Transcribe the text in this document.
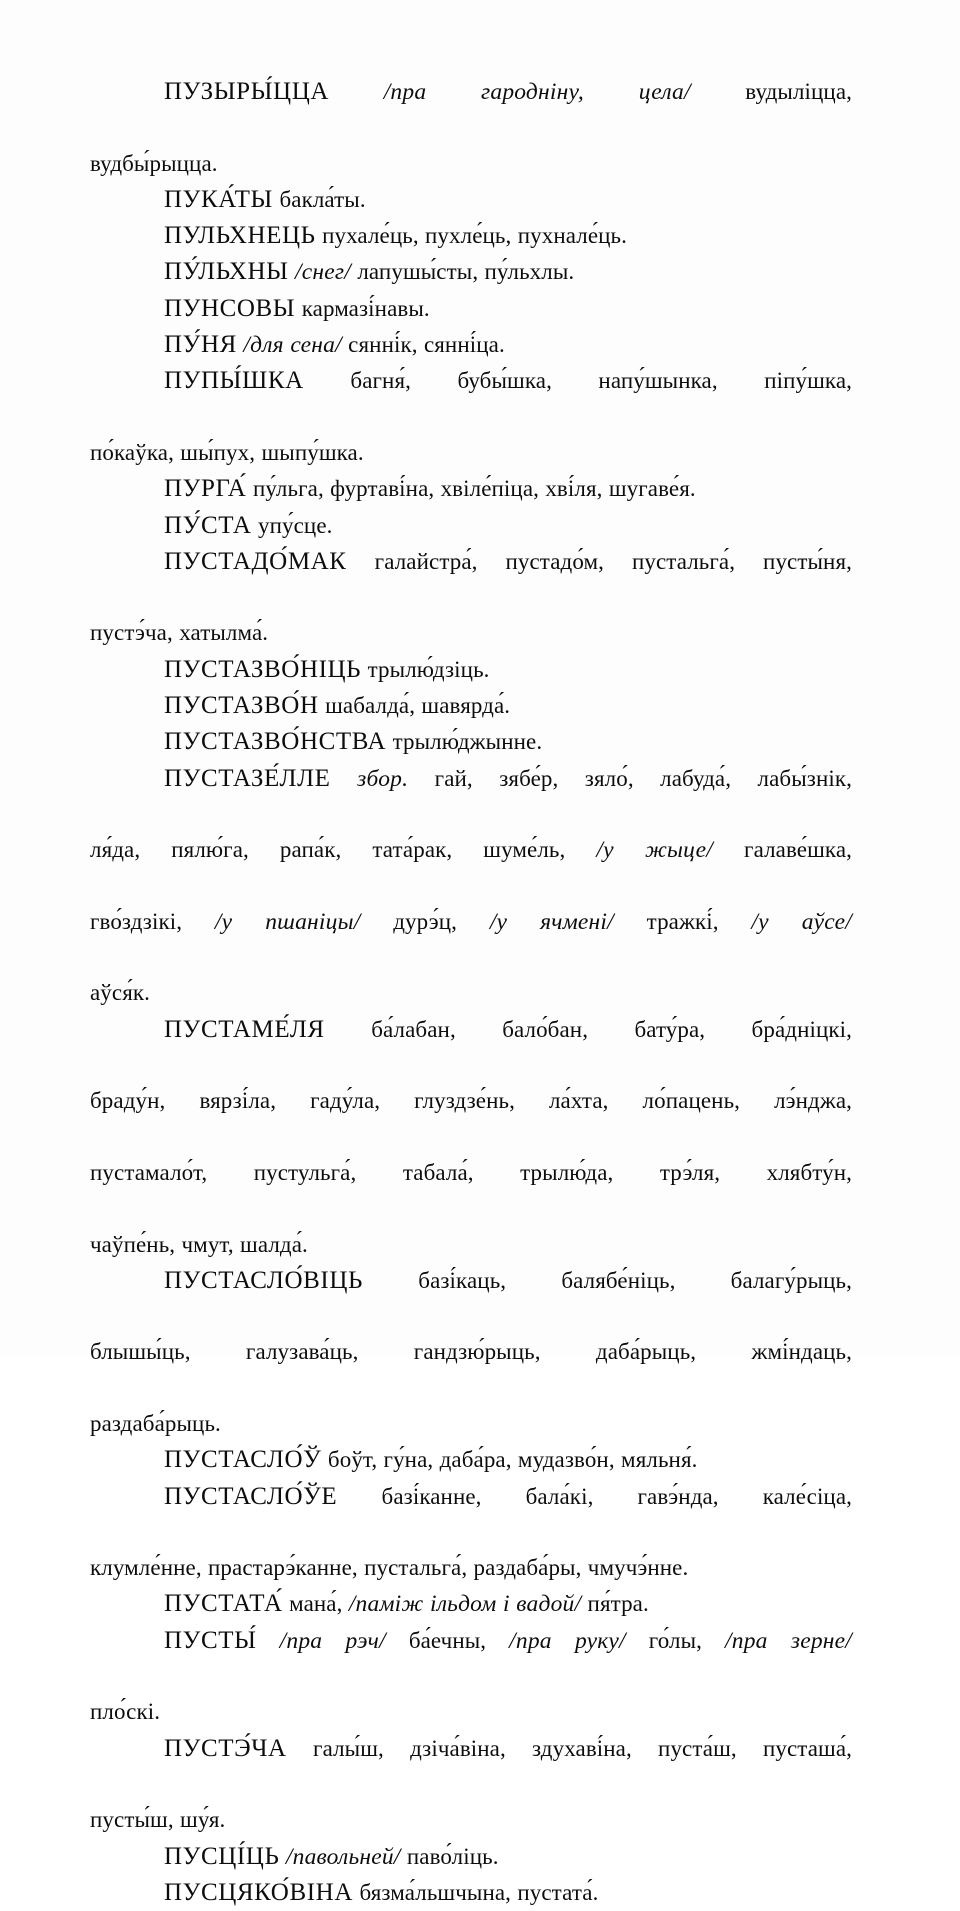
ПУЗЫРЫ́ЦЦА /пра гародніну, цела/ вудыліцца,
вудбы́рыцца.
ПУКА́ТЫ бакла́ты.
ПУЛЬХНЕЦЬ пухале́ць, пухле́ць, пухнале́ць.
ПУ́ЛЬХНЫ /снег/ лапушы́сты, пу́льхлы.
ПУНСОВЫ кармазі́навы.
ПУ́НЯ /для сена/ сянні́к, сянні́ца.
ПУПЫ́ШКА багня́, бубы́шка, напу́шынка, піпу́шка,
по́каўка, шы́пух, шыпу́шка.
ПУРГА́ пу́льга, фуртаві́на, хвіле́піца, хві́ля, шугаве́я.
ПУ́СТА упу́сце.
ПУСТАДО́МАК галайстра́, пустадо́м, пустальга́, пусты́ня,
пустэ́ча, хатылма́.
ПУСТАЗВО́НІЦЬ трылю́дзіць.
ПУСТАЗВО́Н шабалда́, шавярда́.
ПУСТАЗВО́НСТВА трылю́джынне.
ПУСТАЗЕ́ЛЛЕ збор. гай, зябе́р, зяло́, лабуда́, лабы́знік,
ля́да, пялю́га, рапа́к, тата́рак, шуме́ль, /у жыце/ галаве́шка,
гво́здзікі, /у пшаніцы/ дурэ́ц, /у ячмені/ тражкі́, /у аўсе/
аўся́к.
ПУСТАМЕ́ЛЯ ба́лабан, бало́бан, бату́ра, бра́дніцкі,
браду́н, вярзі́ла, гаду́ла, глуздзе́нь, ла́хта, ло́пацень, лэ́нджа,
пустамало́т, пустульга́, табала́, трылю́да, трэ́ля, хлябту́н,
чаўпе́нь, чмут, шалда́.
ПУСТАСЛО́ВІЦЬ базі́каць, балябе́ніць, балагу́рыць,
блышы́ць, галузава́ць, гандзю́рыць, даба́рыць, жмі́ндаць,
раздаба́рыць.
ПУСТАСЛО́Ў боўт, гу́на, даба́ра, мудазво́н, мяльня́.
ПУСТАСЛО́ЎЕ базі́канне, бала́кі, гавэ́нда, кале́сіца,
клумле́нне, прастарэ́канне, пустальга́, раздаба́ры, чмучэ́нне.
ПУСТАТА́ мана́, /паміж ільдом і вадой/ пя́тра.
ПУСТЫ́ /пра рэч/ ба́ечны, /пра руку/ го́лы, /пра зерне/
пло́скі.
ПУСТЭ́ЧА галы́ш, дзіча́віна, здухаві́на, пуста́ш, пусташа́,
пусты́ш, шу́я.
ПУСЦІ́ЦЬ /павольней/ паво́ліць.
ПУСЦЯКО́ВІНА бязма́льшчына, пустата́.
